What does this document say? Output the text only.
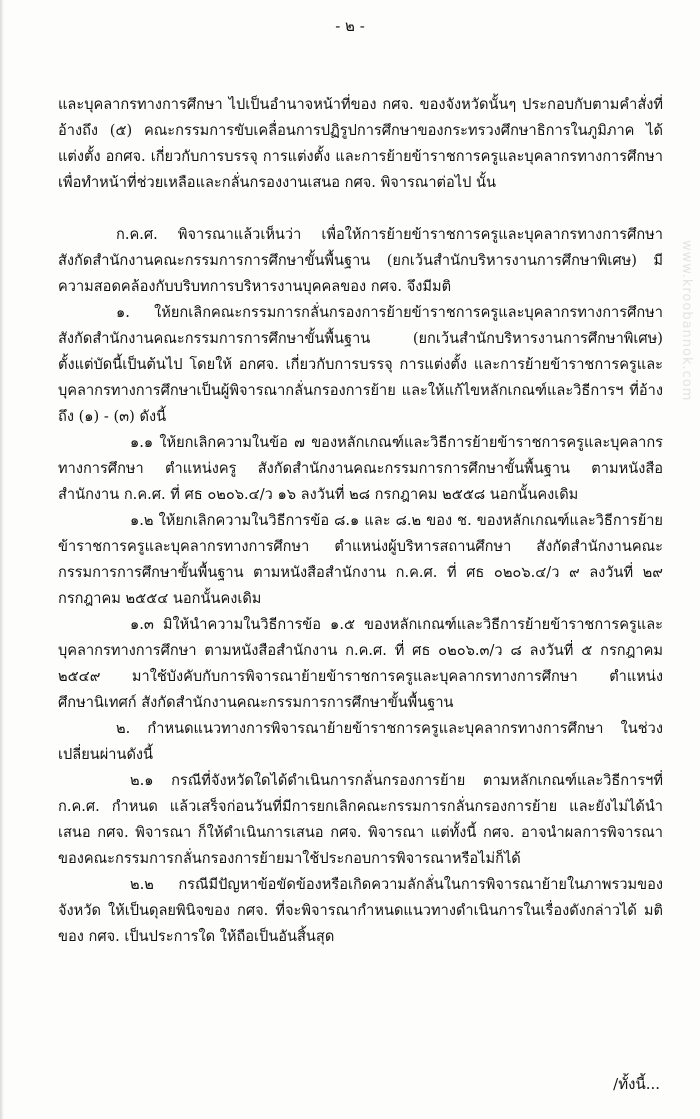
- ๒ -

และบุคลากรทางการศึกษา ไปเป็นอำนาจหน้าที่ของ กศจ. ของจังหวัดนั้นๆ ประกอบกับตามคำสั่งที่อ้างถึง (๕) คณะกรรมการขับเคลื่อนการปฏิรูปการศึกษาของกระทรวงศึกษาธิการในภูมิภาค ได้แต่งตั้ง อกศจ. เกี่ยวกับการบรรจุ การแต่งตั้ง และการย้ายข้าราชการครูและบุคลากรทางการศึกษา เพื่อทำหน้าที่ช่วยเหลือและกลั่นกรองงานเสนอ กศจ. พิจารณาต่อไป นั้น

ก.ค.ศ. พิจารณาแล้วเห็นว่า เพื่อให้การย้ายข้าราชการครูและบุคลากรทางการศึกษา สังกัดสำนักงานคณะกรรมการการศึกษาขั้นพื้นฐาน (ยกเว้นสำนักบริหารงานการศึกษาพิเศษ) มีความสอดคล้องกับบริบทการบริหารงานบุคคลของ กศจ. จึงมีมติ

๑. ให้ยกเลิกคณะกรรมการกลั่นกรองการย้ายข้าราชการครูและบุคลากรทางการศึกษา สังกัดสำนักงานคณะกรรมการการศึกษาขั้นพื้นฐาน (ยกเว้นสำนักบริหารงานการศึกษาพิเศษ) ตั้งแต่บัดนี้เป็นต้นไป โดยให้ อกศจ. เกี่ยวกับการบรรจุ การแต่งตั้ง และการย้ายข้าราชการครูและบุคลากรทางการศึกษาเป็นผู้พิจารณากลั่นกรองการย้าย และให้แก้ไขหลักเกณฑ์และวิธีการฯ ที่อ้างถึง (๑) - (๓) ดังนี้

๑.๑ ให้ยกเลิกความในข้อ ๗ ของหลักเกณฑ์และวิธีการย้ายข้าราชการครูและบุคลากรทางการศึกษา ตำแหน่งครู สังกัดสำนักงานคณะกรรมการการศึกษาขั้นพื้นฐาน ตามหนังสือสำนักงาน ก.ค.ศ. ที่ ศธ ๐๒๐๖.๔/ว ๑๖ ลงวันที่ ๒๘ กรกฎาคม ๒๕๕๘ นอกนั้นคงเดิม

๑.๒ ให้ยกเลิกความในวิธีการข้อ ๘.๑ และ ๘.๒ ของ ช. ของหลักเกณฑ์และวิธีการย้ายข้าราชการครูและบุคลากรทางการศึกษา ตำแหน่งผู้บริหารสถานศึกษา สังกัดสำนักงานคณะกรรมการการศึกษาขั้นพื้นฐาน ตามหนังสือสำนักงาน ก.ค.ศ. ที่ ศธ ๐๒๐๖.๔/ว ๙ ลงวันที่ ๒๙ กรกฎาคม ๒๕๕๔ นอกนั้นคงเดิม

๑.๓ มิให้นำความในวิธีการข้อ ๑.๕ ของหลักเกณฑ์และวิธีการย้ายข้าราชการครูและบุคลากรทางการศึกษา ตามหนังสือสำนักงาน ก.ค.ศ. ที่ ศธ ๐๒๐๖.๓/ว ๘ ลงวันที่ ๕ กรกฎาคม ๒๕๔๙ มาใช้บังคับกับการพิจารณาย้ายข้าราชการครูและบุคลากรทางการศึกษา ตำแหน่งศึกษานิเทศก์ สังกัดสำนักงานคณะกรรมการการศึกษาขั้นพื้นฐาน

๒. กำหนดแนวทางการพิจารณาย้ายข้าราชการครูและบุคลากรทางการศึกษา ในช่วงเปลี่ยนผ่านดังนี้

๒.๑ กรณีที่จังหวัดใดได้ดำเนินการกลั่นกรองการย้าย ตามหลักเกณฑ์และวิธีการฯที่ ก.ค.ศ. กำหนด แล้วเสร็จก่อนวันที่มีการยกเลิกคณะกรรมการกลั่นกรองการย้าย และยังไม่ได้นำเสนอ กศจ. พิจารณา ก็ให้ดำเนินการเสนอ กศจ. พิจารณา แต่ทั้งนี้ กศจ. อาจนำผลการพิจารณาของคณะกรรมการกลั่นกรองการย้ายมาใช้ประกอบการพิจารณาหรือไม่ก็ได้

๒.๒ กรณีมีปัญหาข้อขัดข้องหรือเกิดความลักลั่นในการพิจารณาย้ายในภาพรวมของจังหวัด ให้เป็นดุลยพินิจของ กศจ. ที่จะพิจารณากำหนดแนวทางดำเนินการในเรื่องดังกล่าวได้ มติของ กศจ. เป็นประการใด ให้ถือเป็นอันสิ้นสุด

/ทั้งนี้...
www.kroobannok.com
